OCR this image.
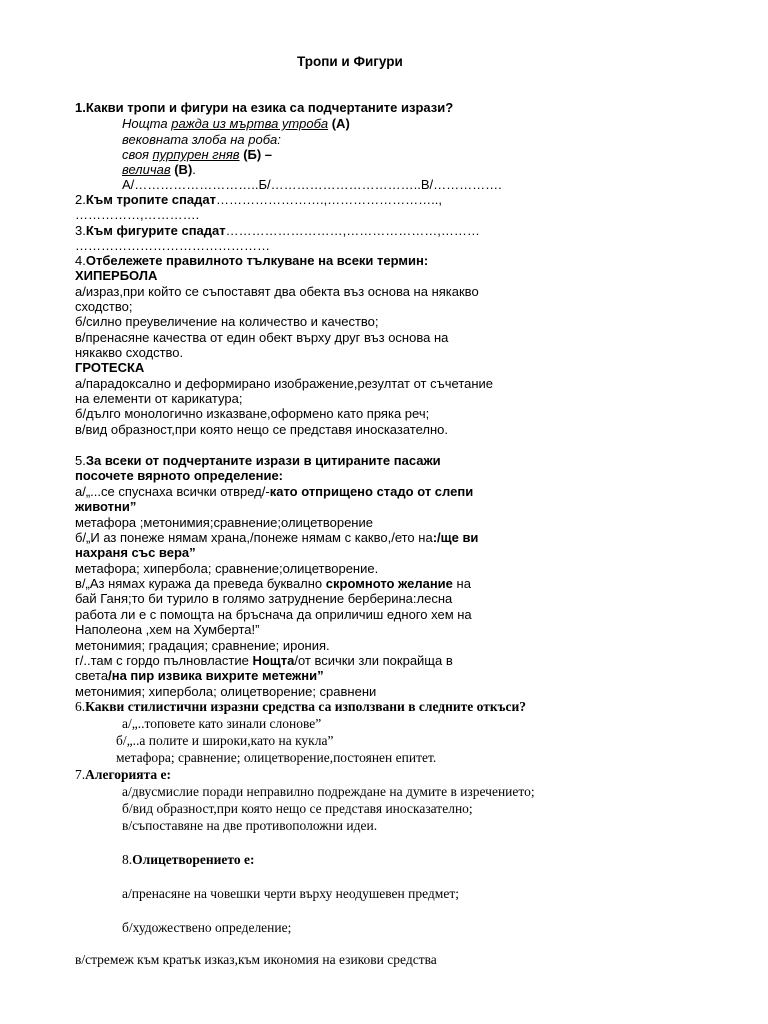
Тропи и Фигури
1.Какви тропи и фигури на езика са подчертаните изрази?
Нощта ражда из мъртва утроба (А)
вековната злоба на роба:
своя пурпурен гняв (Б) –
величав (В).
А/………………………..Б/……………………………..В/…………….
2.Към тропите спадат…………………….,……………………..,
……………,………….
3.Към фигурите спадат………………………,…………………,………
………………………………………
4.Отбележете правилното тълкуване на всеки термин:
ХИПЕРБОЛА
а/израз,при който се съпоставят два обекта въз основа на някакво
сходство;
б/силно преувеличение на количество и качество;
в/пренасяне качества от един обект върху друг въз основа на
някакво сходство.
ГРОТЕСКА
а/парадоксално и деформирано изображение,резултат от съчетание
на елементи от карикатура;
б/дълго монологично изказване,оформено като пряка реч;
в/вид образност,при която нещо се представя иносказателно.
5.За всеки от подчертаните изрази в цитираните пасажи
посочете вярното определение:
а/„...се спуснаха всички отвред/-като отприщено стадо от слепи
животни”
метафора ;метонимия;сравнение;олицетворение
б/„И аз понеже нямам храна,/понеже нямам с какво,/ето на:/ще ви
нахраня със вера”
метафора; хипербола; сравнение;олицетворение.
в/„Аз нямах куража да преведа буквално скромното желание на
бай Ганя;то би турило в голямо затруднение берберина:лесна
работа ли е с помощта на бръснача да оприличиш едного хем на
Наполеона ,хем на Хумберта!”
метонимия; градация; сравнение; ирония.
г/..там с гордо пълновластие Нощта/от всички зли покрайща в
света/на пир извика вихрите метежни”
метонимия; хипербола; олицетворение; сравнени
6.Какви стилистични изразни средства са използвани в следните откъси?
а/„..топовете като зинали слонове”
б/„..а полите и широки,като на кукла”
метафора; сравнение; олицетворение,постоянен епитет.
7.Алегорията е:
а/двусмислие поради неправилно подреждане на думите в изречението;
б/вид образност,при която нещо се представя иносказателно;
в/съпоставяне на две противоположни идеи.
8.Олицетворението е:
а/пренасяне на човешки черти върху неодушевен предмет;
б/художествено определение;
в/стремеж към кратък изказ,към икономия на езикови средства
